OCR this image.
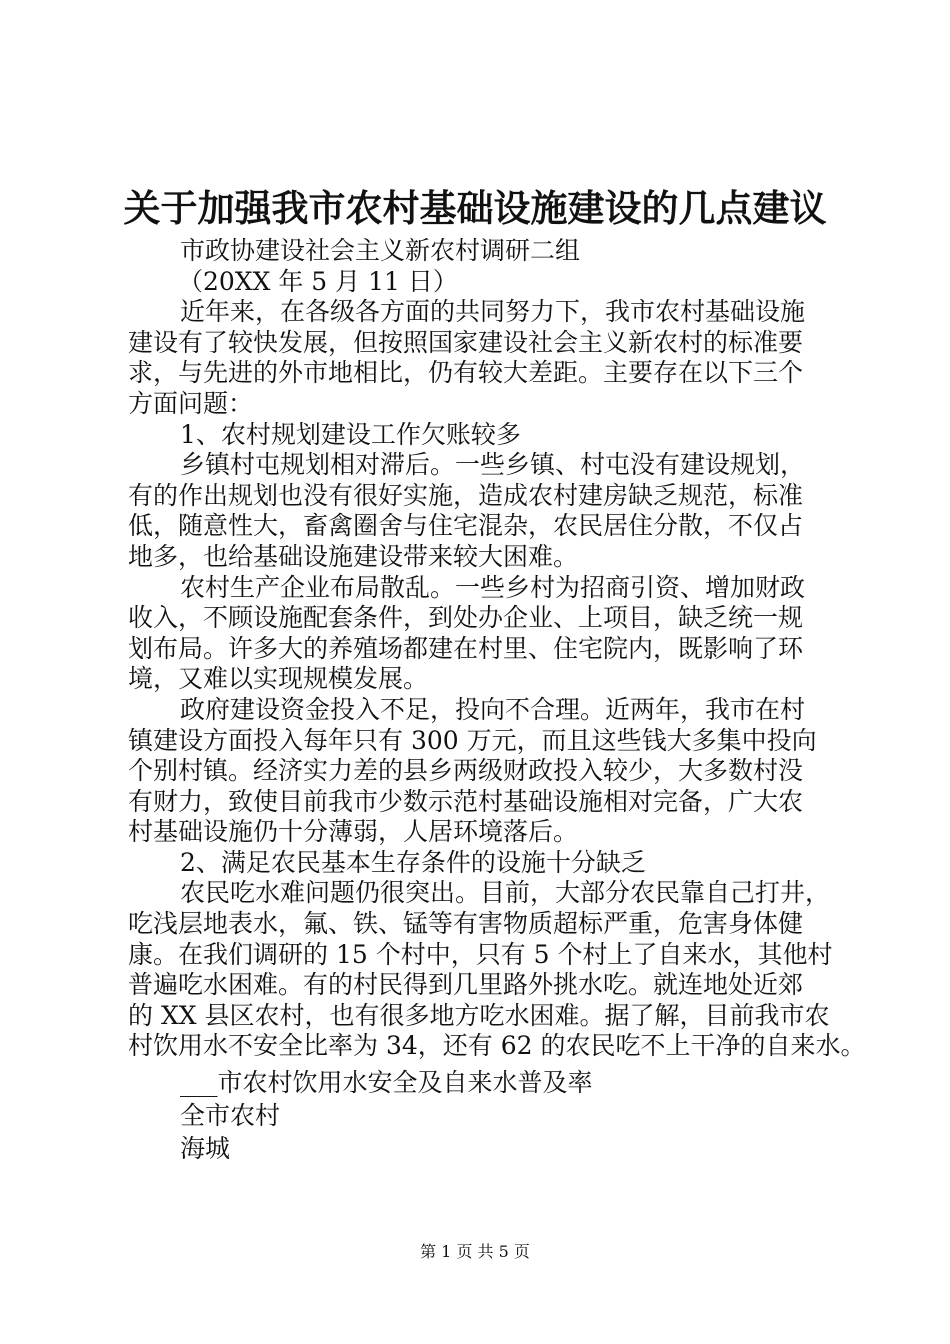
关于加强我市农村基础设施建设的几点建议
市政协建设社会主义新农村调研二组
（20XX 年 5 月 11 日）
近年来，在各级各方面的共同努力下，我市农村基础设施
建设有了较快发展，但按照国家建设社会主义新农村的标准要
求，与先进的外市地相比，仍有较大差距。主要存在以下三个
方面问题：
1、农村规划建设工作欠账较多
乡镇村屯规划相对滞后。一些乡镇、村屯没有建设规划，
有的作出规划也没有很好实施，造成农村建房缺乏规范，标准
低，随意性大，畜禽圈舍与住宅混杂，农民居住分散，不仅占
地多，也给基础设施建设带来较大困难。
农村生产企业布局散乱。一些乡村为招商引资、增加财政
收入，不顾设施配套条件，到处办企业、上项目，缺乏统一规
划布局。许多大的养殖场都建在村里、住宅院内，既影响了环
境，又难以实现规模发展。
政府建设资金投入不足，投向不合理。近两年，我市在村
镇建设方面投入每年只有 300 万元，而且这些钱大多集中投向
个别村镇。经济实力差的县乡两级财政投入较少，大多数村没
有财力，致使目前我市少数示范村基础设施相对完备，广大农
村基础设施仍十分薄弱，人居环境落后。
2、满足农民基本生存条件的设施十分缺乏
农民吃水难问题仍很突出。目前，大部分农民靠自己打井，
吃浅层地表水，氟、铁、锰等有害物质超标严重，危害身体健
康。在我们调研的 15 个村中，只有 5 个村上了自来水，其他村
普遍吃水困难。有的村民得到几里路外挑水吃。就连地处近郊
的 XX 县区农村，也有很多地方吃水困难。据了解，目前我市农
村饮用水不安全比率为 34，还有 62 的农民吃不上干净的自来水。
___市农村饮用水安全及自来水普及率
全市农村
海城
第 1 页 共 5 页
